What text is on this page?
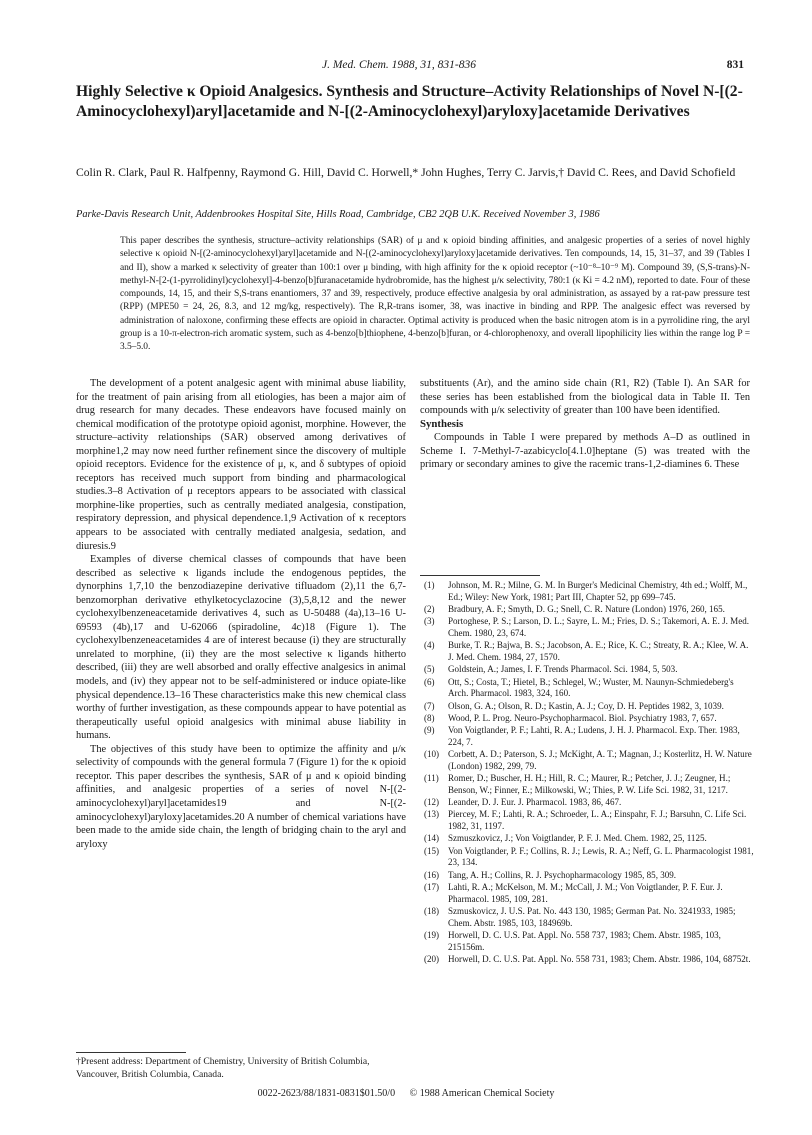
J. Med. Chem. 1988, 31, 831-836	831
Highly Selective κ Opioid Analgesics. Synthesis and Structure–Activity Relationships of Novel N-[(2-Aminocyclohexyl)aryl]acetamide and N-[(2-Aminocyclohexyl)aryloxy]acetamide Derivatives

Colin R. Clark, Paul R. Halfpenny, Raymond G. Hill, David C. Horwell,* John Hughes, Terry C. Jarvis,† David C. Rees, and David Schofield

Parke-Davis Research Unit, Addenbrookes Hospital Site, Hills Road, Cambridge, CB2 2QB U.K. Received November 3, 1986

This paper describes the synthesis, structure–activity relationships (SAR) of μ and κ opioid binding affinities, and analgesic properties of a series of novel highly selective κ opioid N-[(2-aminocyclohexyl)aryl]acetamide and N-[(2-aminocyclohexyl)aryloxy]acetamide derivatives. Ten compounds, 14, 15, 31–37, and 39 (Tables I and II), show a marked κ selectivity of greater than 100:1 over μ binding, with high affinity for the κ opioid receptor (~10⁻⁸–10⁻⁹ M). Compound 39, (S,S-trans)-N-methyl-N-[2-(1-pyrrolidinyl)cyclohexyl]-4-benzo[b]furanacetamide hydrobromide, has the highest μ/κ selectivity, 780:1 (κ Ki = 4.2 nM), reported to date. Four of these compounds, 14, 15, and their S,S-trans enantiomers, 37 and 39, respectively, produce effective analgesia by oral administration, as assayed by a rat-paw pressure test (RPP) (MPE50 = 24, 26, 8.3, and 12 mg/kg, respectively). The R,R-trans isomer, 38, was inactive in binding and RPP. The analgesic effect was reversed by administration of naloxone, confirming these effects are opioid in character. Optimal activity is produced when the basic nitrogen atom is in a pyrrolidine ring, the aryl group is a 10-π-electron-rich aromatic system, such as 4-benzo[b]thiophene, 4-benzo[b]furan, or 4-chlorophenoxy, and overall lipophilicity lies within the range log P = 3.5–5.0.

The development of a potent analgesic agent with minimal abuse liability, for the treatment of pain arising from all etiologies, has been a major aim of drug research for many decades. These endeavors have focused mainly on chemical modification of the prototype opioid agonist, morphine. However, the structure–activity relationships (SAR) observed among derivatives of morphine1,2 may now need further refinement since the discovery of multiple opioid receptors. Evidence for the existence of μ, κ, and δ subtypes of opioid receptors has received much support from binding and pharmacological studies.3–8 Activation of μ receptors appears to be associated with classical morphine-like properties, such as centrally mediated analgesia, constipation, respiratory depression, and physical dependence.1,9 Activation of κ receptors appears to be associated with centrally mediated analgesia, sedation, and diuresis.9

Examples of diverse chemical classes of compounds that have been described as selective κ ligands include the endogenous peptides, the dynorphins 1,7,10 the benzodiazepine derivative tifluadom (2),11 the 6,7-benzomorphan derivative ethylketocyclazocine (3),5,8,12 and the newer cyclohexylbenzeneacetamide derivatives 4, such as U-50488 (4a),13–16 U-69593 (4b),17 and U-62066 (spiradoline, 4c)18 (Figure 1). The cyclohexylbenzeneacetamides 4 are of interest because (i) they are structurally unrelated to morphine, (ii) they are the most selective κ ligands hitherto described, (iii) they are well absorbed and orally effective analgesics in animal models, and (iv) they appear not to be self-administered or induce opiate-like physical dependence.13–16 These characteristics make this new chemical class worthy of further investigation, as these compounds appear to have potential as therapeutically useful opioid analgesics with minimal abuse liability in humans.

The objectives of this study have been to optimize the affinity and μ/κ selectivity of compounds with the general formula 7 (Figure 1) for the κ opioid receptor. This paper describes the synthesis, SAR of μ and κ opioid binding affinities, and analgesic properties of a series of novel N-[(2-aminocyclohexyl)aryl]acetamides19 and N-[(2-aminocyclohexyl)aryloxy]acetamides.20 A number of chemical variations have been made to the amide side chain, the length of bridging chain to the aryl and aryloxy

substituents (Ar), and the amino side chain (R1, R2) (Table I). An SAR for these series has been established from the biological data in Table II. Ten compounds with μ/κ selectivity of greater than 100 have been identified.

Synthesis

Compounds in Table I were prepared by methods A–D as outlined in Scheme I. 7-Methyl-7-azabicyclo[4.1.0]heptane (5) was treated with the primary or secondary amines to give the racemic trans-1,2-diamines 6. These

(1)	Johnson, M. R.; Milne, G. M. In Burger's Medicinal Chemistry, 4th ed.; Wolff, M., Ed.; Wiley: New York, 1981; Part III, Chapter 52, pp 699–745.
(2)	Bradbury, A. F.; Smyth, D. G.; Snell, C. R. Nature (London) 1976, 260, 165.
(3)	Portoghese, P. S.; Larson, D. L.; Sayre, L. M.; Fries, D. S.; Takemori, A. E. J. Med. Chem. 1980, 23, 674.
(4)	Burke, T. R.; Bajwa, B. S.; Jacobson, A. E.; Rice, K. C.; Streaty, R. A.; Klee, W. A. J. Med. Chem. 1984, 27, 1570.
(5)	Goldstein, A.; James, I. F. Trends Pharmacol. Sci. 1984, 5, 503.
(6)	Ott, S.; Costa, T.; Hietel, B.; Schlegel, W.; Wuster, M. Naunyn-Schmiedeberg's Arch. Pharmacol. 1983, 324, 160.
(7)	Olson, G. A.; Olson, R. D.; Kastin, A. J.; Coy, D. H. Peptides 1982, 3, 1039.
(8)	Wood, P. L. Prog. Neuro-Psychopharmacol. Biol. Psychiatry 1983, 7, 657.
(9)	Von Voigtlander, P. F.; Lahti, R. A.; Ludens, J. H. J. Pharmacol. Exp. Ther. 1983, 224, 7.
(10) Corbett, A. D.; Paterson, S. J.; McKight, A. T.; Magnan, J.; Kosterlitz, H. W. Nature (London) 1982, 299, 79.
(11)	Romer, D.; Buscher, H. H.; Hill, R. C.; Maurer, R.; Petcher, J. J.; Zeugner, H.; Benson, W.; Finner, E.; Milkowski, W.; Thies, P. W. Life Sci. 1982, 31, 1217.
(12) Leander, D. J. Eur. J. Pharmacol. 1983, 86, 467.
(13) Piercey, M. F.; Lahti, R. A.; Schroeder, L. A.; Einspahr, F. J.; Barsuhn, C. Life Sci. 1982, 31, 1197.
(14) Szmuszkovicz, J.; Von Voigtlander, P. F. J. Med. Chem. 1982, 25, 1125.
(15) Von Voigtlander, P. F.; Collins, R. J.; Lewis, R. A.; Neff, G. L. Pharmacologist 1981, 23, 134.
(16) Tang, A. H.; Collins, R. J. Psychopharmacology 1985, 85, 309.
(17) Lahti, R. A.; McKelson, M. M.; McCall, J. M.; Von Voigtlander, P. F. Eur. J. Pharmacol. 1985, 109, 281.
(18) Szmuskovicz, J. U.S. Pat. No. 443 130, 1985; German Pat. No. 3241933, 1985; Chem. Abstr. 1985, 103, 184969b.
(19) Horwell, D. C. U.S. Pat. Appl. No. 558 737, 1983; Chem. Abstr. 1985, 103, 215156m.
(20) Horwell, D. C. U.S. Pat. Appl. No. 558 731, 1983; Chem. Abstr. 1986, 104, 68752t.

†Present address: Department of Chemistry, University of British Columbia, Vancouver, British Columbia, Canada.

0022-2623/88/1831-0831$01.50/0 © 1988 American Chemical Society
